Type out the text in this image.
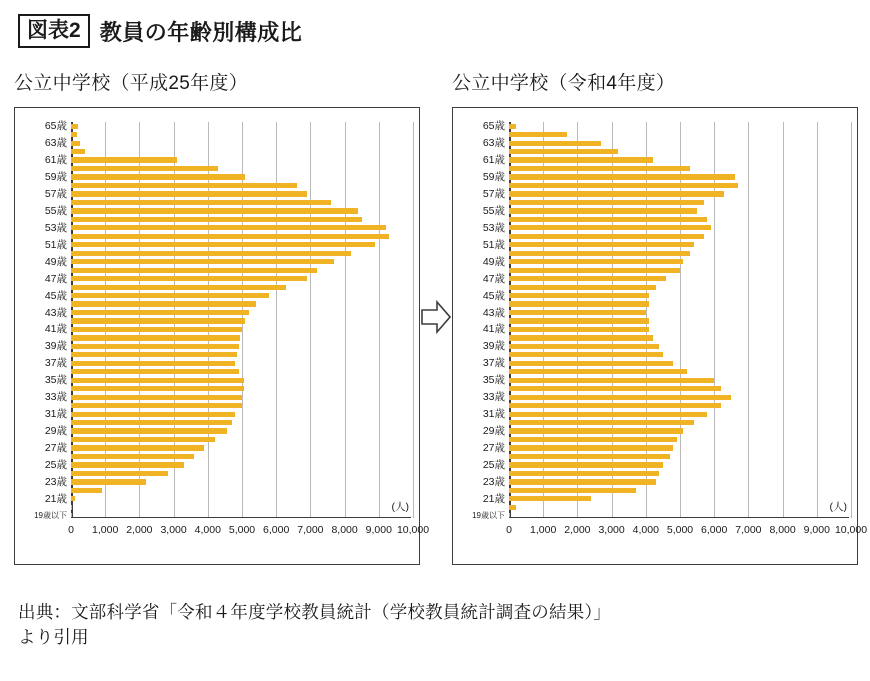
図表2 教員の年齢別構成比
公立中学校（平成25年度）
65歳
63歳
61歳
59歳
57歳
55歳
53歳
51歳
49歳
47歳
45歳
43歳
41歳
39歳
37歳
35歳
33歳
31歳
29歳
27歳
25歳
23歳
21歳
19歳以下
(人)
0 1,000 2,000 3,000 4,000 5,000 6,000 7,000 8,000 9,000 10,000
公立中学校（令和4年度）
65歳
63歳
61歳
59歳
57歳
55歳
53歳
51歳
49歳
47歳
45歳
43歳
41歳
39歳
37歳
35歳
33歳
31歳
29歳
27歳
25歳
23歳
21歳
19歳以下
(人)
0 1,000 2,000 3,000 4,000 5,000 6,000 7,000 8,000 9,000 10,000
出典：文部科学省「令和４年度学校教員統計（学校教員統計調査の結果）」
より引用
